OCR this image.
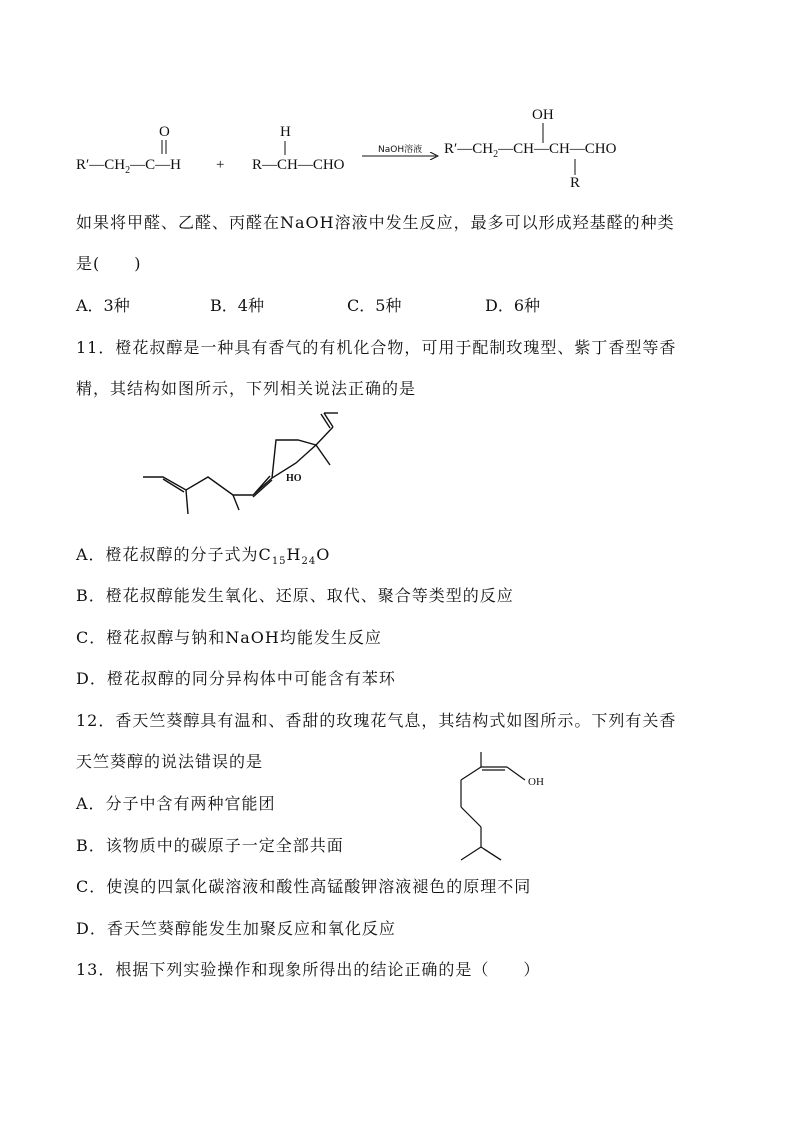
O
$R'—CH_2—C—H$ +
H
R—CH—CHO
NaOH溶液
OH
$R'—CH_2—CH—CH—CHO$
R
如果将甲醛、乙醛、丙醛在NaOH溶液中发生反应，最多可以形成羟基醛的种类
是(　　)
A．3种	B．4种	C．5种	D．6种
11．橙花叔醇是一种具有香气的有机化合物，可用于配制玫瑰型、紫丁香型等香
精，其结构如图所示，下列相关说法正确的是
HO
A．橙花叔醇的分子式为$C_{15}H_{24}O$
B．橙花叔醇能发生氧化、还原、取代、聚合等类型的反应
C．橙花叔醇与钠和NaOH均能发生反应
D．橙花叔醇的同分异构体中可能含有苯环
12．香天竺葵醇具有温和、香甜的玫瑰花气息，其结构式如图所示。下列有关香
天竺葵醇的说法错误的是
OH
A．分子中含有两种官能团
B．该物质中的碳原子一定全部共面
C．使溴的四氯化碳溶液和酸性高锰酸钾溶液褪色的原理不同
D．香天竺葵醇能发生加聚反应和氧化反应
13．根据下列实验操作和现象所得出的结论正确的是（　　）
